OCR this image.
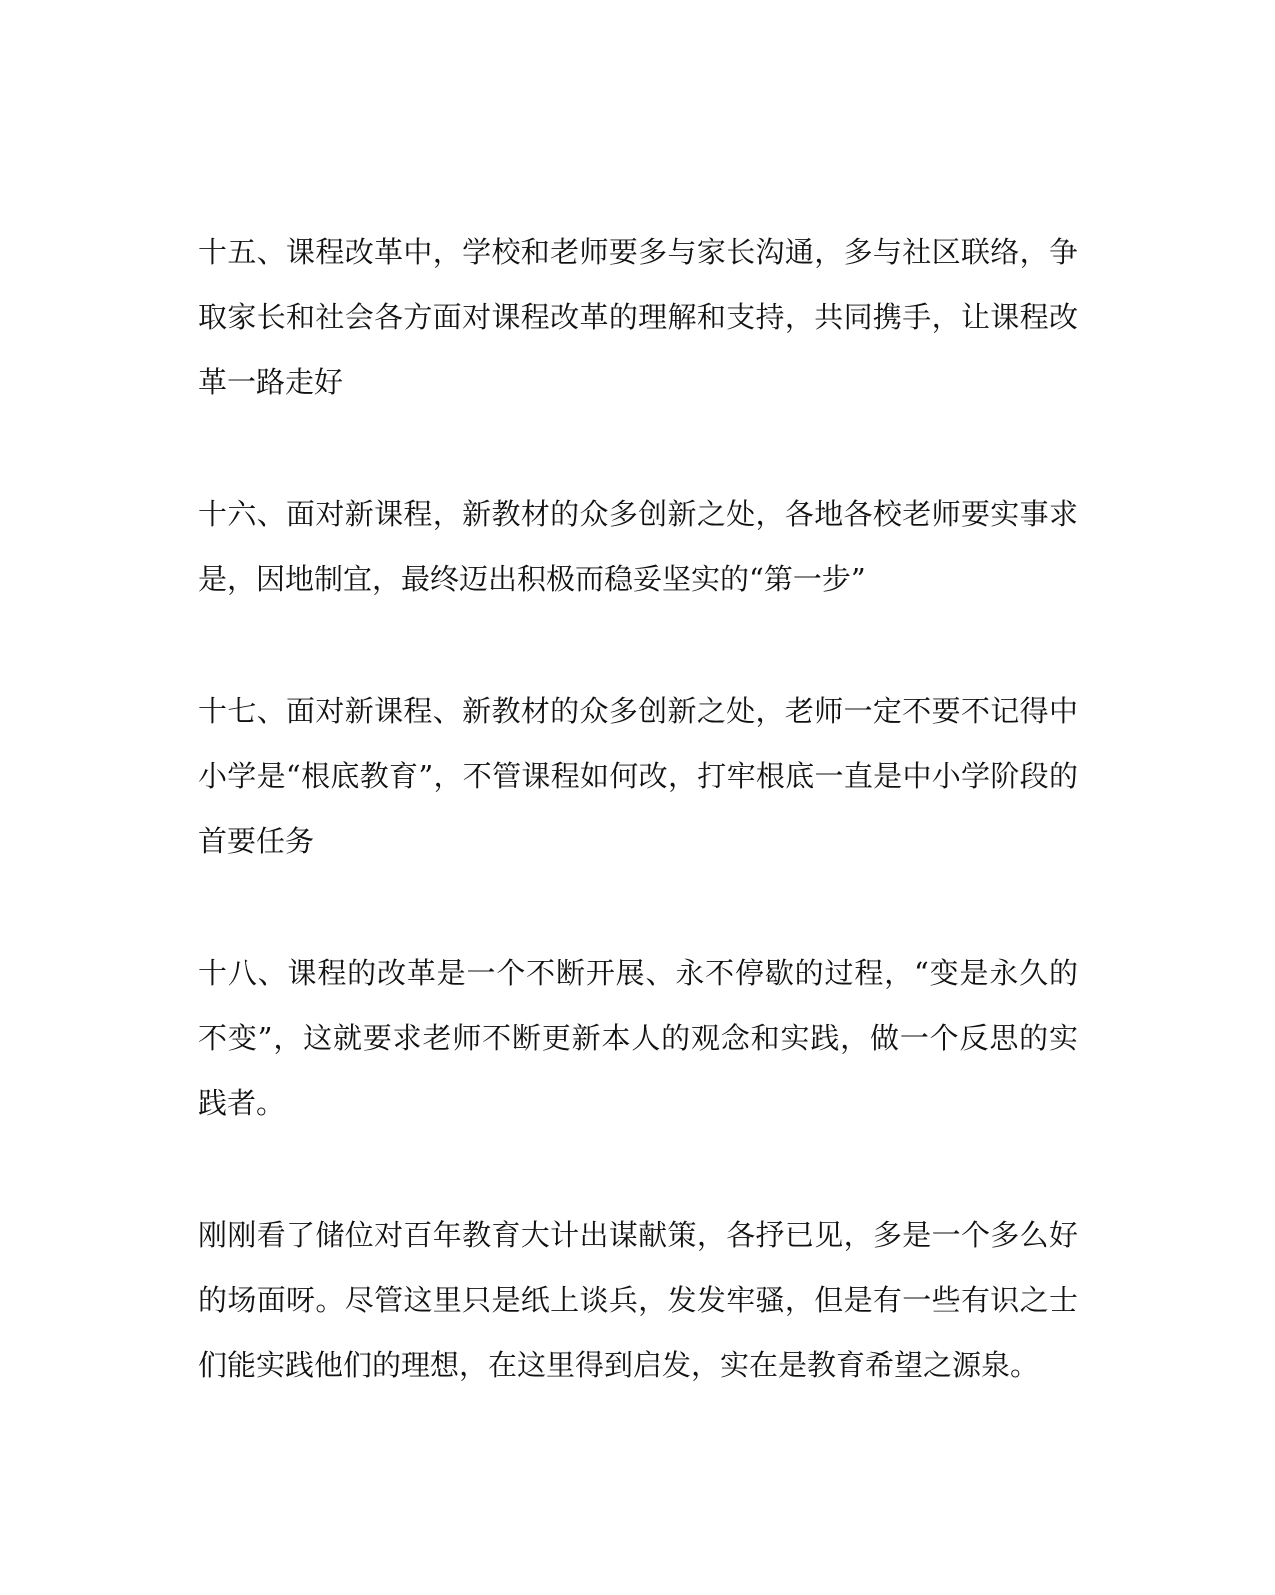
十五、课程改革中，学校和老师要多与家长沟通，多与社区联络，争取家长和社会各方面对课程改革的理解和支持，共同携手，让课程改革一路走好

十六、面对新课程，新教材的众多创新之处，各地各校老师要实事求是，因地制宜，最终迈出积极而稳妥坚实的“第一步”

十七、面对新课程、新教材的众多创新之处，老师一定不要不记得中小学是“根底教育”，不管课程如何改，打牢根底一直是中小学阶段的首要任务

十八、课程的改革是一个不断开展、永不停歇的过程，“变是永久的不变”，这就要求老师不断更新本人的观念和实践，做一个反思的实践者。

刚刚看了储位对百年教育大计出谋献策，各抒已见，多是一个多么好的场面呀。尽管这里只是纸上谈兵，发发牢骚，但是有一些有识之士们能实践他们的理想，在这里得到启发，实在是教育希望之源泉。
